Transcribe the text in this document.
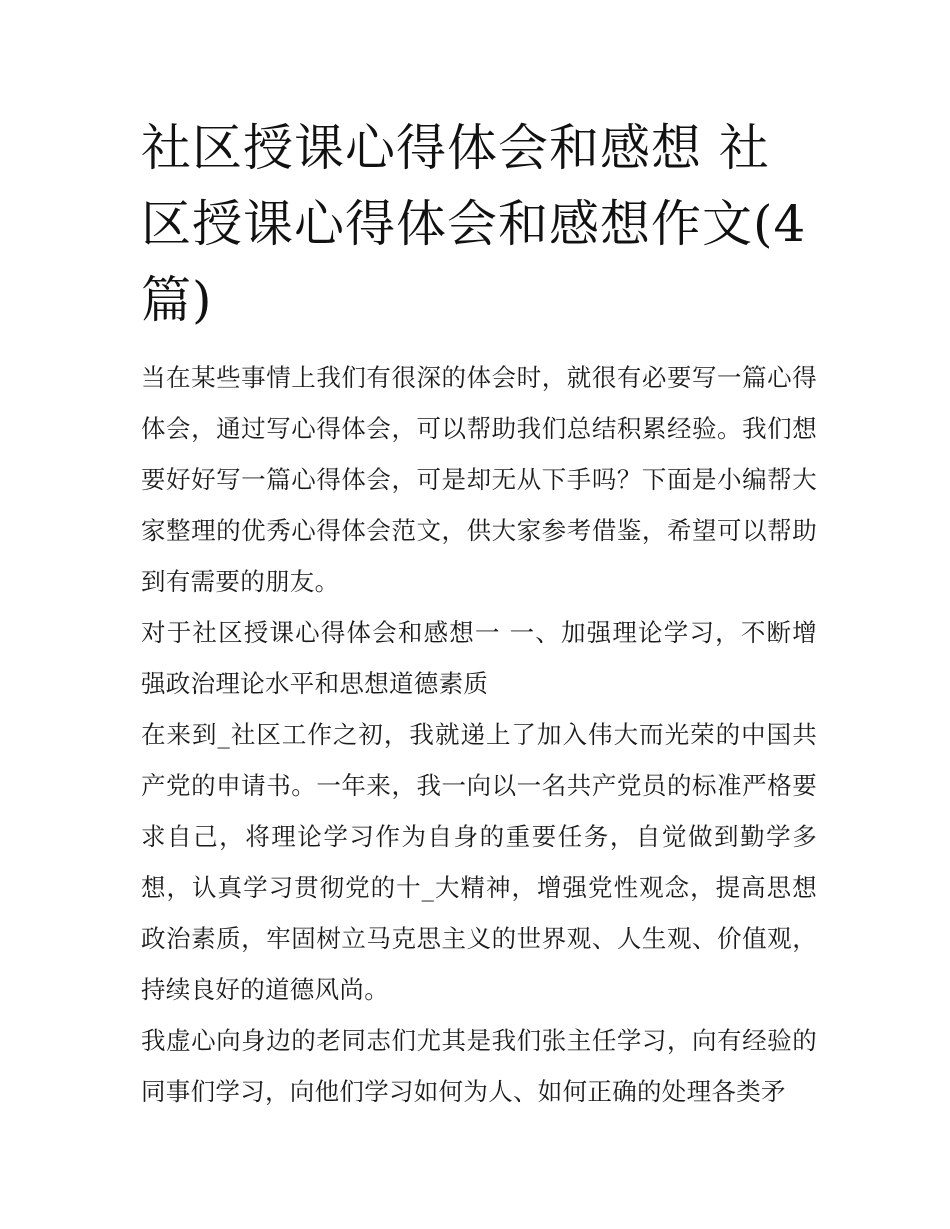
社区授课心得体会和感想 社区授课心得体会和感想作文(4篇)

当在某些事情上我们有很深的体会时，就很有必要写一篇心得体会，通过写心得体会，可以帮助我们总结积累经验。我们想要好好写一篇心得体会，可是却无从下手吗？下面是小编帮大家整理的优秀心得体会范文，供大家参考借鉴，希望可以帮助到有需要的朋友。

对于社区授课心得体会和感想一 一、加强理论学习，不断增强政治理论水平和思想道德素质

在来到_社区工作之初，我就递上了加入伟大而光荣的中国共产党的申请书。一年来，我一向以一名共产党员的标准严格要求自己，将理论学习作为自身的重要任务，自觉做到勤学多想，认真学习贯彻党的十_大精神，增强党性观念，提高思想政治素质，牢固树立马克思主义的世界观、人生观、价值观，持续良好的道德风尚。

我虚心向身边的老同志们尤其是我们张主任学习，向有经验的同事们学习，向他们学习如何为人、如何正确的处理各类矛
